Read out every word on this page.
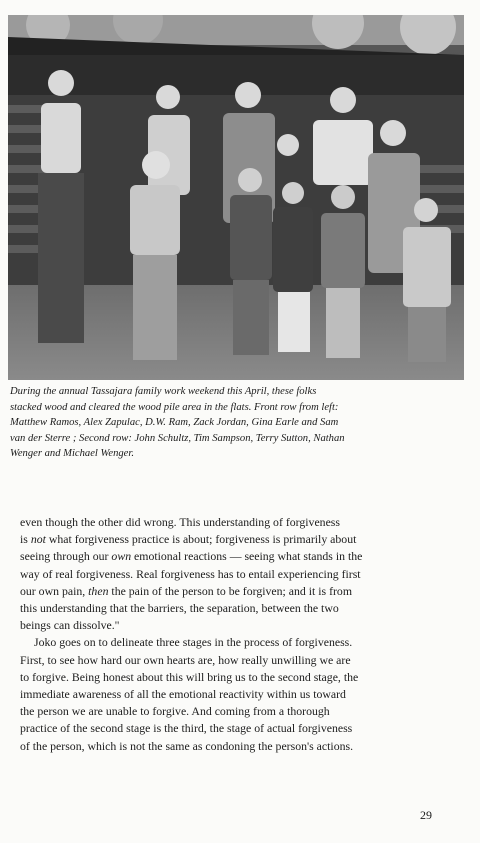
During the annual Tassajara family work weekend this April, these folks
stacked wood and cleared the wood pile area in the flats. Front row from left:
Matthew Ramos, Alex Zapulac, D.W. Ram, Zack Jordan, Gina Earle and Sam
van der Sterre ; Second row: John Schultz, Tim Sampson, Terry Sutton, Nathan
Wenger and Michael Wenger.
even though the other did wrong. This understanding of forgiveness
is not what forgiveness practice is about; forgiveness is primarily about
seeing through our own emotional reactions — seeing what stands in the
way of real forgiveness. Real forgiveness has to entail experiencing first
our own pain, then the pain of the person to be forgiven; and it is from
this understanding that the barriers, the separation, between the two
beings can dissolve."
Joko goes on to delineate three stages in the process of forgiveness.
First, to see how hard our own hearts are, how really unwilling we are
to forgive. Being honest about this will bring us to the second stage, the
immediate awareness of all the emotional reactivity within us toward
the person we are unable to forgive. And coming from a thorough
practice of the second stage is the third, the stage of actual forgiveness
of the person, which is not the same as condoning the person's actions.
29
